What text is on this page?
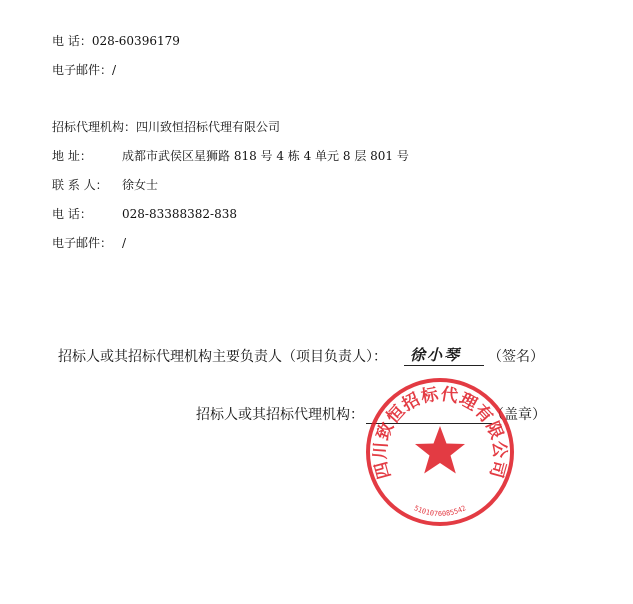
电 话：028-60396179
电子邮件：/
招标代理机构：四川致恒招标代理有限公司
地 址：	成都市武侯区星狮路 818 号 4 栋 4 单元 8 层 801 号
联 系 人： 徐女士
电 话：	028-83388382-838
电子邮件： /
招标人或其招标代理机构主要负责人（项目负责人）： 徐小琴 （签名）
招标人或其招标代理机构：	（盖章）
四川致恒招标代理有限公司
5101076085542
